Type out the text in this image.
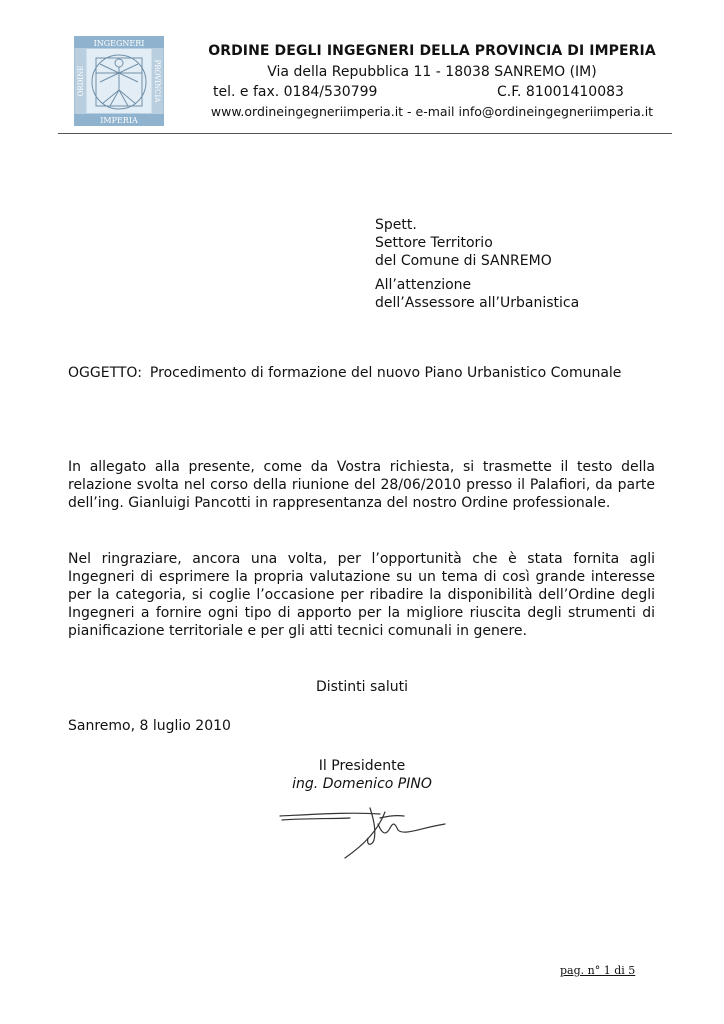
INGEGNERI
IMPERIA
ORDINE	PROVINCIA
ORDINE DEGLI INGEGNERI DELLA PROVINCIA DI IMPERIA
Via della Repubblica 11 - 18038 SANREMO (IM)
tel. e fax. 0184/530799	C.F. 81001410083
www.ordineingegneriimperia.it - e-mail info@ordineingegneriimperia.it
Spett.
Settore Territorio
del Comune di SANREMO
All’attenzione
dell’Assessore all’Urbanistica
OGGETTO: Procedimento di formazione del nuovo Piano Urbanistico Comunale
In allegato alla presente, come da Vostra richiesta, si trasmette il testo della relazione svolta nel corso della riunione del 28/06/2010 presso il Palafiori, da parte dell’ing. Gianluigi Pancotti in rappresentanza del nostro Ordine professionale.
Nel ringraziare, ancora una volta, per l’opportunità che è stata fornita agli Ingegneri di esprimere la propria valutazione su un tema di così grande interesse per la categoria, si coglie l’occasione per ribadire la disponibilità dell’Ordine degli Ingegneri a fornire ogni tipo di apporto per la migliore riuscita degli strumenti di pianificazione territoriale e per gli atti tecnici comunali in genere.
Distinti saluti
Sanremo, 8 luglio 2010
Il Presidente
ing. Domenico PINO
pag. n° 1 di 5
